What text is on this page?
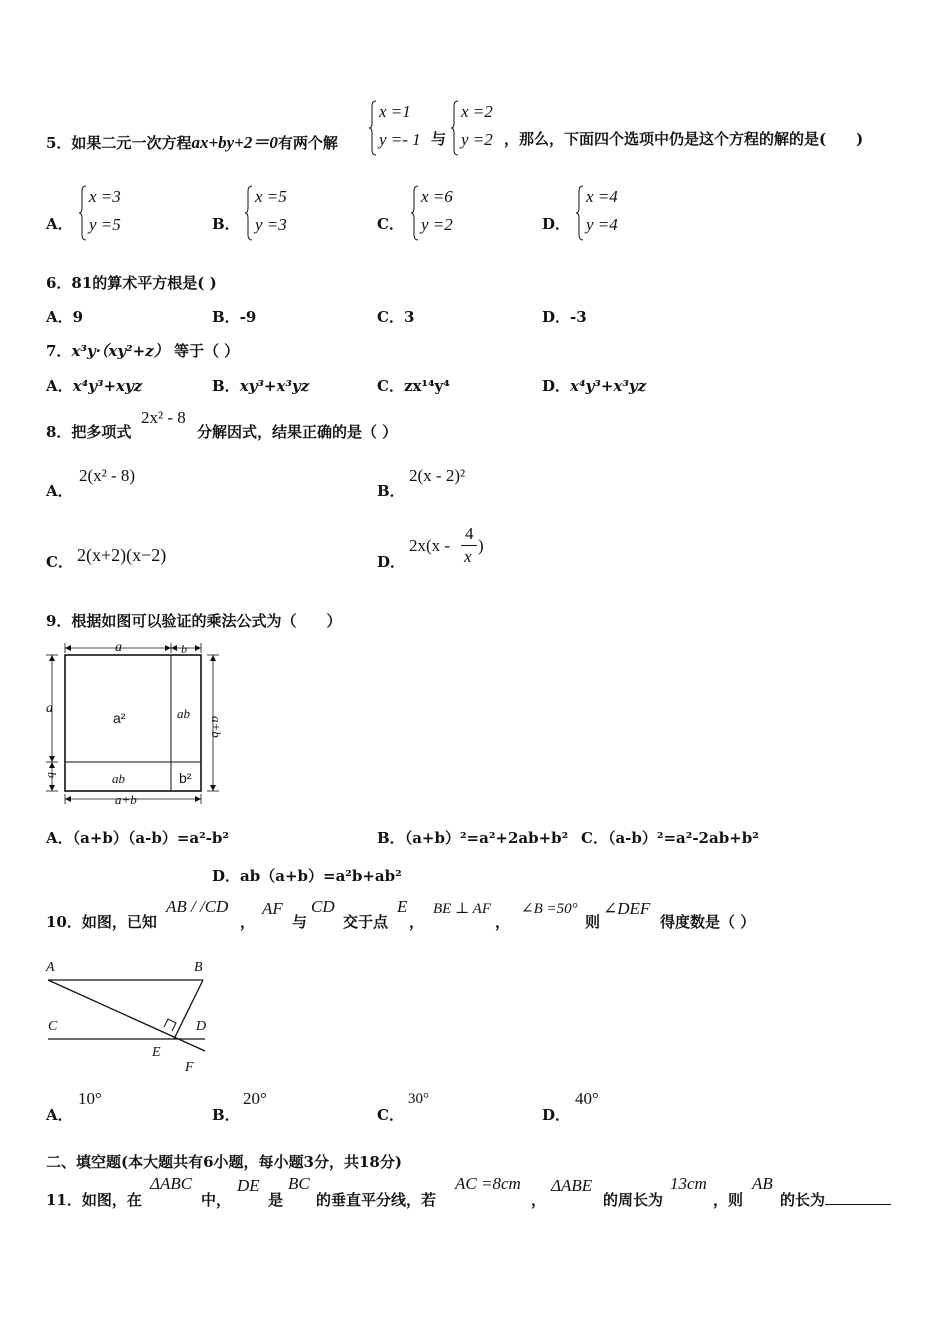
5．如果二元一次方程ax+by+2＝0有两个解
x =1
y =- 1 与
x =2
y =2 ，那么，下面四个选项中仍是这个方程的解的是(　　)
A．
x =3
y =5	B．
x =5
y =3	C．
x =6
y =2	D．
x =4
y =4
6．81的算术平方根是( )
A．9	B．-9	C．3	D．-3
7．x³y·（xy²+z） 等于（ ）
A．x⁴y³+xyz	B．xy³+x³yz	C．zx¹⁴y⁴	D．x⁴y³+x³yz
8．把多项式
2x² - 8
分解因式，结果正确的是（ ）
A．
2(x² - 8)
B．
2(x - 2)²
C． 2(x+2)(x−2)	D．
2x(x -
4
x
)
9．根据如图可以验证的乘法公式为（　　）
a	b
a
b
a+b
a+b
ab
ab
a²
b²
A．（a+b）（a-b）=a²-b²	B．（a+b）²=a²+2ab+b² C．（a-b）²=a²-2ab+b²
D．ab（a+b）=a²b+ab²
10．如图，已知
AB / /CD
，
AF
与
CD
交于点
E
，
BE ⊥ AF
，
∠B =50°
则
∠DEF
得度数是（ ）
A	B
C	D
E
F
A．
10°
B．
20°
C．
30°
D．
40°
二、填空题(本大题共有6小题，每小题3分，共18分)
11．如图，在
ΔABC
中，
DE
是
BC
的垂直平分线，若
AC =8cm
，
ΔABE
的周长为
13cm
，则
AB
的长为
